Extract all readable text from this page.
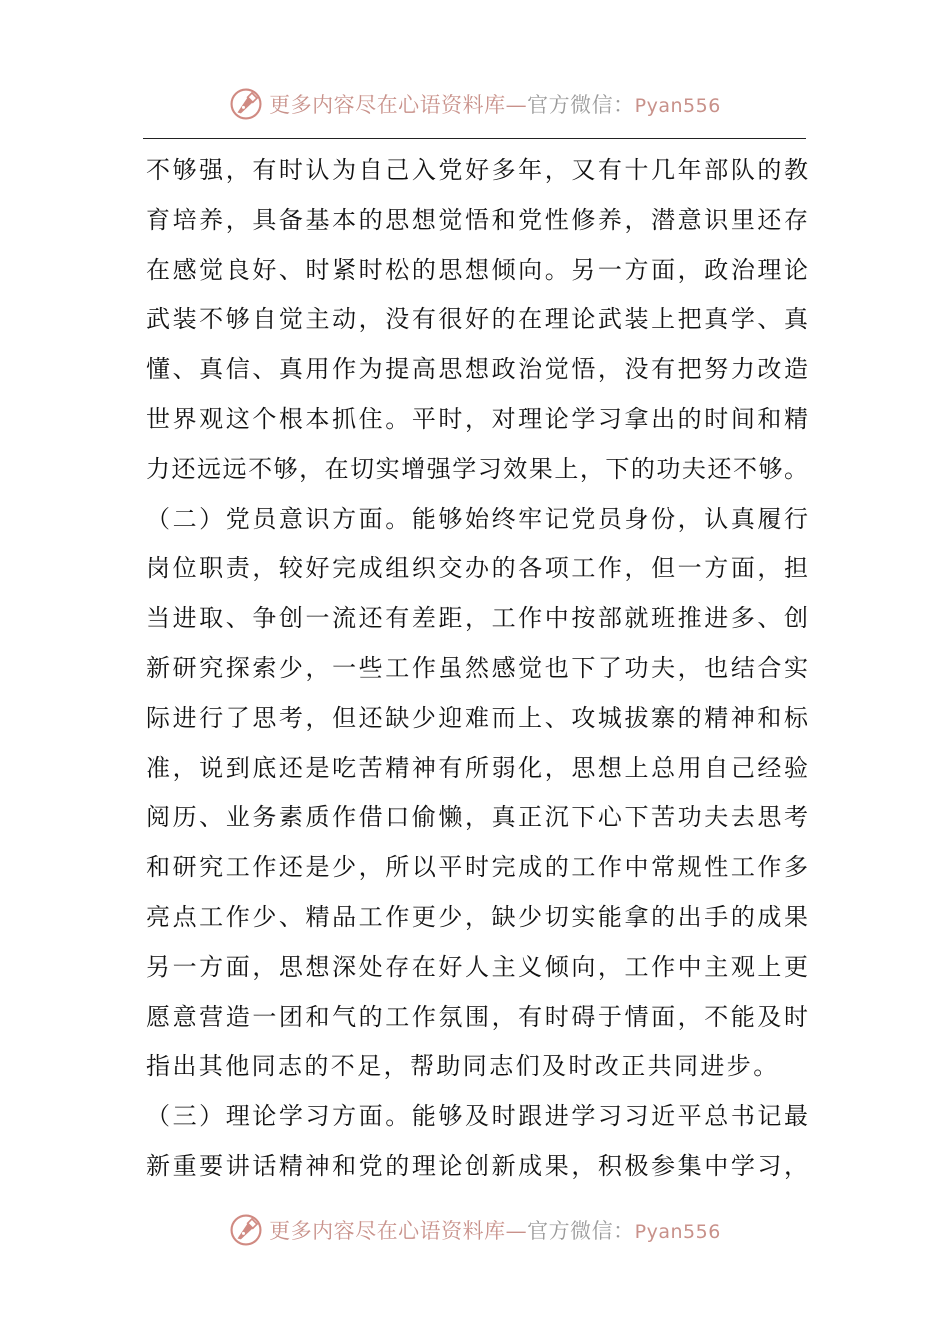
更多内容尽在心语资料库—官方微信：Pyan556
不够强，有时认为自己入党好多年，又有十几年部队的教
育培养，具备基本的思想觉悟和党性修养，潜意识里还存
在感觉良好、时紧时松的思想倾向。另一方面，政治理论
武装不够自觉主动，没有很好的在理论武装上把真学、真
懂、真信、真用作为提高思想政治觉悟，没有把努力改造
世界观这个根本抓住。平时，对理论学习拿出的时间和精
力还远远不够，在切实增强学习效果上，下的功夫还不够。
（二）党员意识方面。能够始终牢记党员身份，认真履行
岗位职责，较好完成组织交办的各项工作，但一方面，担
当进取、争创一流还有差距，工作中按部就班推进多、创
新研究探索少，一些工作虽然感觉也下了功夫，也结合实
际进行了思考，但还缺少迎难而上、攻城拔寨的精神和标
准，说到底还是吃苦精神有所弱化，思想上总用自己经验
阅历、业务素质作借口偷懒，真正沉下心下苦功夫去思考
和研究工作还是少，所以平时完成的工作中常规性工作多
亮点工作少、精品工作更少，缺少切实能拿的出手的成果
另一方面，思想深处存在好人主义倾向，工作中主观上更
愿意营造一团和气的工作氛围，有时碍于情面，不能及时
指出其他同志的不足，帮助同志们及时改正共同进步。
（三）理论学习方面。能够及时跟进学习习近平总书记最
新重要讲话精神和党的理论创新成果，积极参集中学习，
更多内容尽在心语资料库—官方微信：Pyan556
